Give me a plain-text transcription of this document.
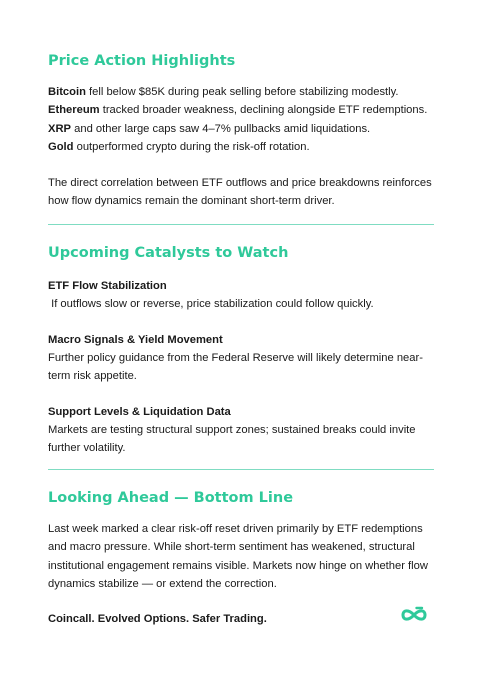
Price Action Highlights

Bitcoin fell below $85K during peak selling before stabilizing modestly.

Ethereum tracked broader weakness, declining alongside ETF redemptions.

XRP and other large caps saw 4–7% pullbacks amid liquidations.

Gold outperformed crypto during the risk-off rotation.

The direct correlation between ETF outflows and price breakdowns reinforces how flow dynamics remain the dominant short-term driver.

Upcoming Catalysts to Watch

ETF Flow Stabilization

If outflows slow or reverse, price stabilization could follow quickly.

Macro Signals & Yield Movement

Further policy guidance from the Federal Reserve will likely determine near-term risk appetite.

Support Levels & Liquidation Data

Markets are testing structural support zones; sustained breaks could invite further volatility.

Looking Ahead — Bottom Line

Last week marked a clear risk-off reset driven primarily by ETF redemptions and macro pressure. While short-term sentiment has weakened, structural institutional engagement remains visible. Markets now hinge on whether flow dynamics stabilize — or extend the correction.

Coincall. Evolved Options. Safer Trading.
